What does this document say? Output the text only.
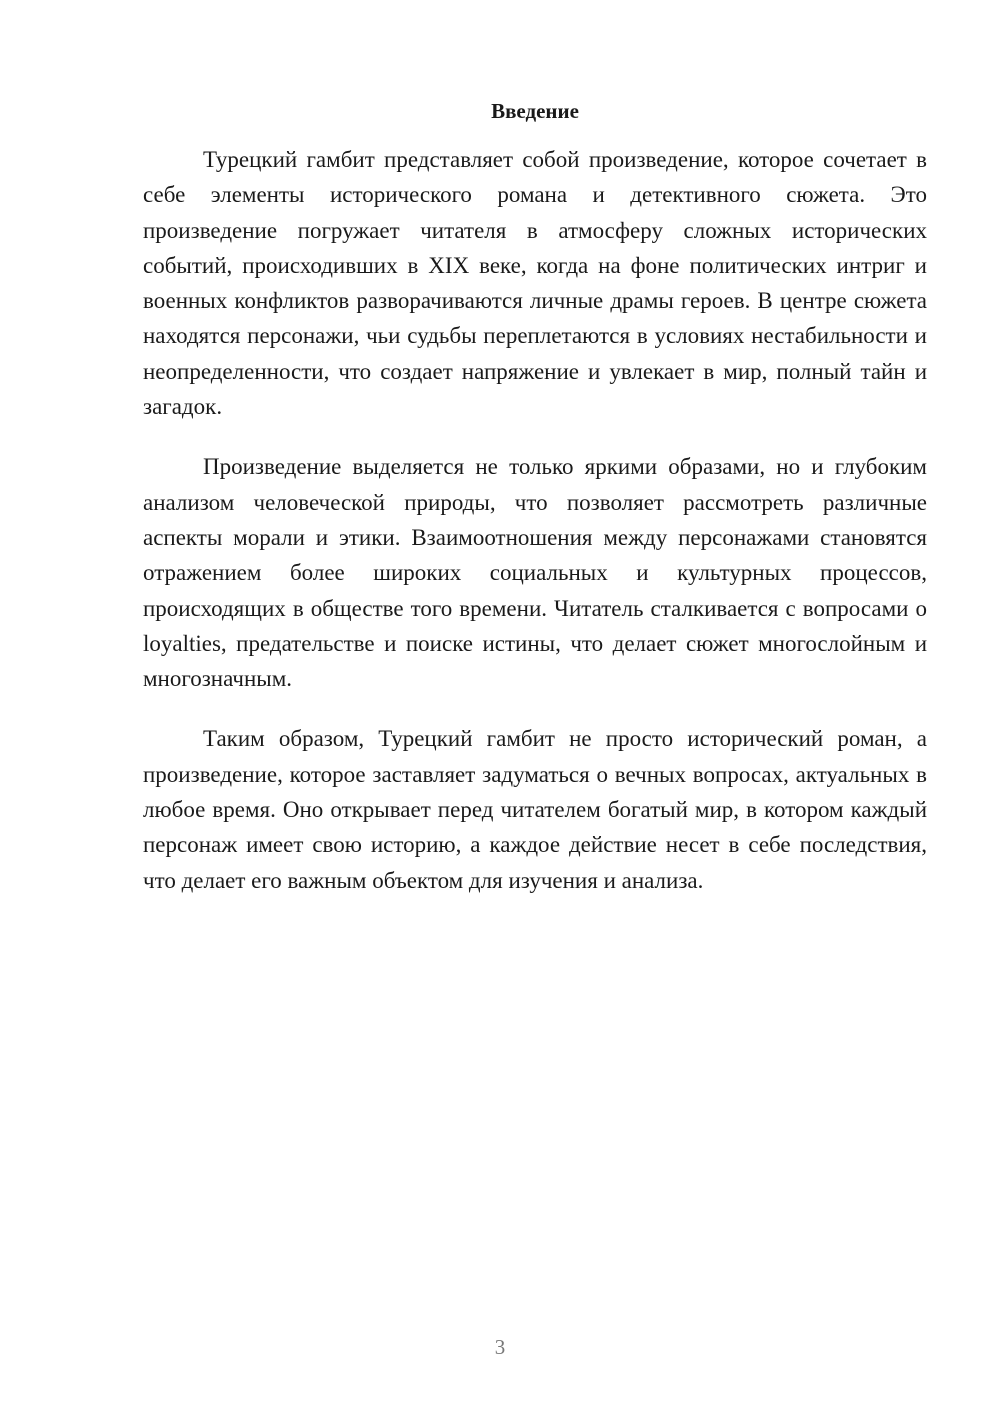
Введение

Турецкий гамбит представляет собой произведение, которое сочетает в себе элементы исторического романа и детективного сюжета. Это произведение погружает читателя в атмосферу сложных исторических событий, происходивших в XIX веке, когда на фоне политических интриг и военных конфликтов разворачиваются личные драмы героев. В центре сюжета находятся персонажи, чьи судьбы переплетаются в условиях нестабильности и неопределенности, что создает напряжение и увлекает в мир, полный тайн и загадок.

Произведение выделяется не только яркими образами, но и глубоким анализом человеческой природы, что позволяет рассмотреть различные аспекты морали и этики. Взаимоотношения между персонажами становятся отражением более широких социальных и культурных процессов, происходящих в обществе того времени. Читатель сталкивается с вопросами о loyalties, предательстве и поиске истины, что делает сюжет многослойным и многозначным.

Таким образом, Турецкий гамбит не просто исторический роман, а произведение, которое заставляет задуматься о вечных вопросах, актуальных в любое время. Оно открывает перед читателем богатый мир, в котором каждый персонаж имеет свою историю, а каждое действие несет в себе последствия, что делает его важным объектом для изучения и анализа.

3
